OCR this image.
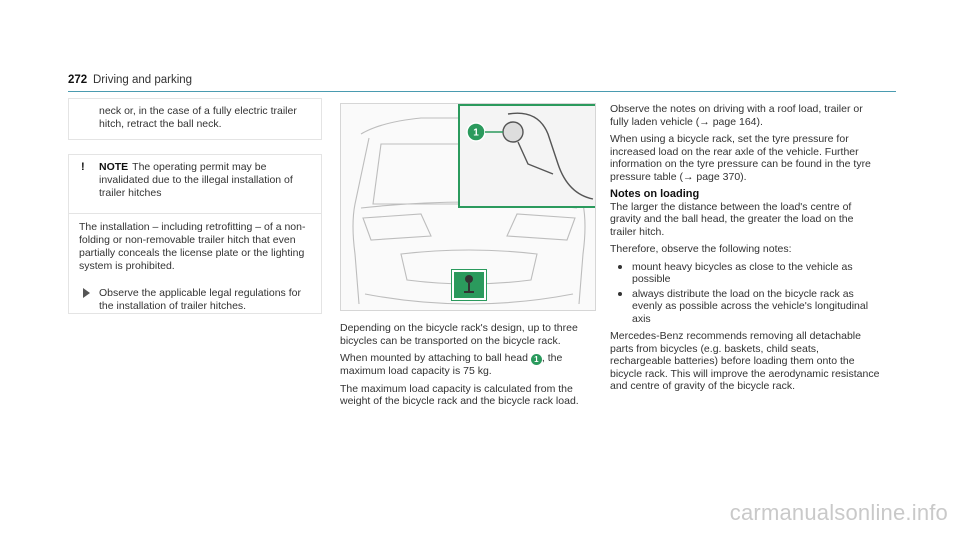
272 Driving and parking
neck or, in the case of a fully electric trailer hitch, retract the ball neck.
! NOTE The operating permit may be invalidated due to the illegal installation of trailer hitches
The installation – including retrofitting – of a non-folding or non-removable trailer hitch that even partially conceals the license plate or the lighting system is prohibited.
Observe the applicable legal regulations for the installation of trailer hitches.
1

Depending on the bicycle rack's design, up to three bicycles can be transported on the bicycle rack.

When mounted by attaching to ball head 1 , the maximum load capacity is 75 kg.

The maximum load capacity is calculated from the weight of the bicycle rack and the bicycle rack load.

Observe the notes on driving with a roof load, trailer or fully laden vehicle (→ page 164).

When using a bicycle rack, set the tyre pressure for increased load on the rear axle of the vehicle. Further information on the tyre pressure can be found in the tyre pressure table (→ page 370).

Notes on loading

The larger the distance between the load's centre of gravity and the ball head, the greater the load on the trailer hitch.

Therefore, observe the following notes:

mount heavy bicycles as close to the vehicle as possible
always distribute the load on the bicycle rack as evenly as possible across the vehicle's longitudinal axis

Mercedes-Benz recommends removing all detachable parts from bicycles (e.g. baskets, child seats, rechargeable batteries) before loading them onto the bicycle rack. This will improve the aerodynamic resistance and centre of gravity of the bicycle rack.

carmanualsonline.info
